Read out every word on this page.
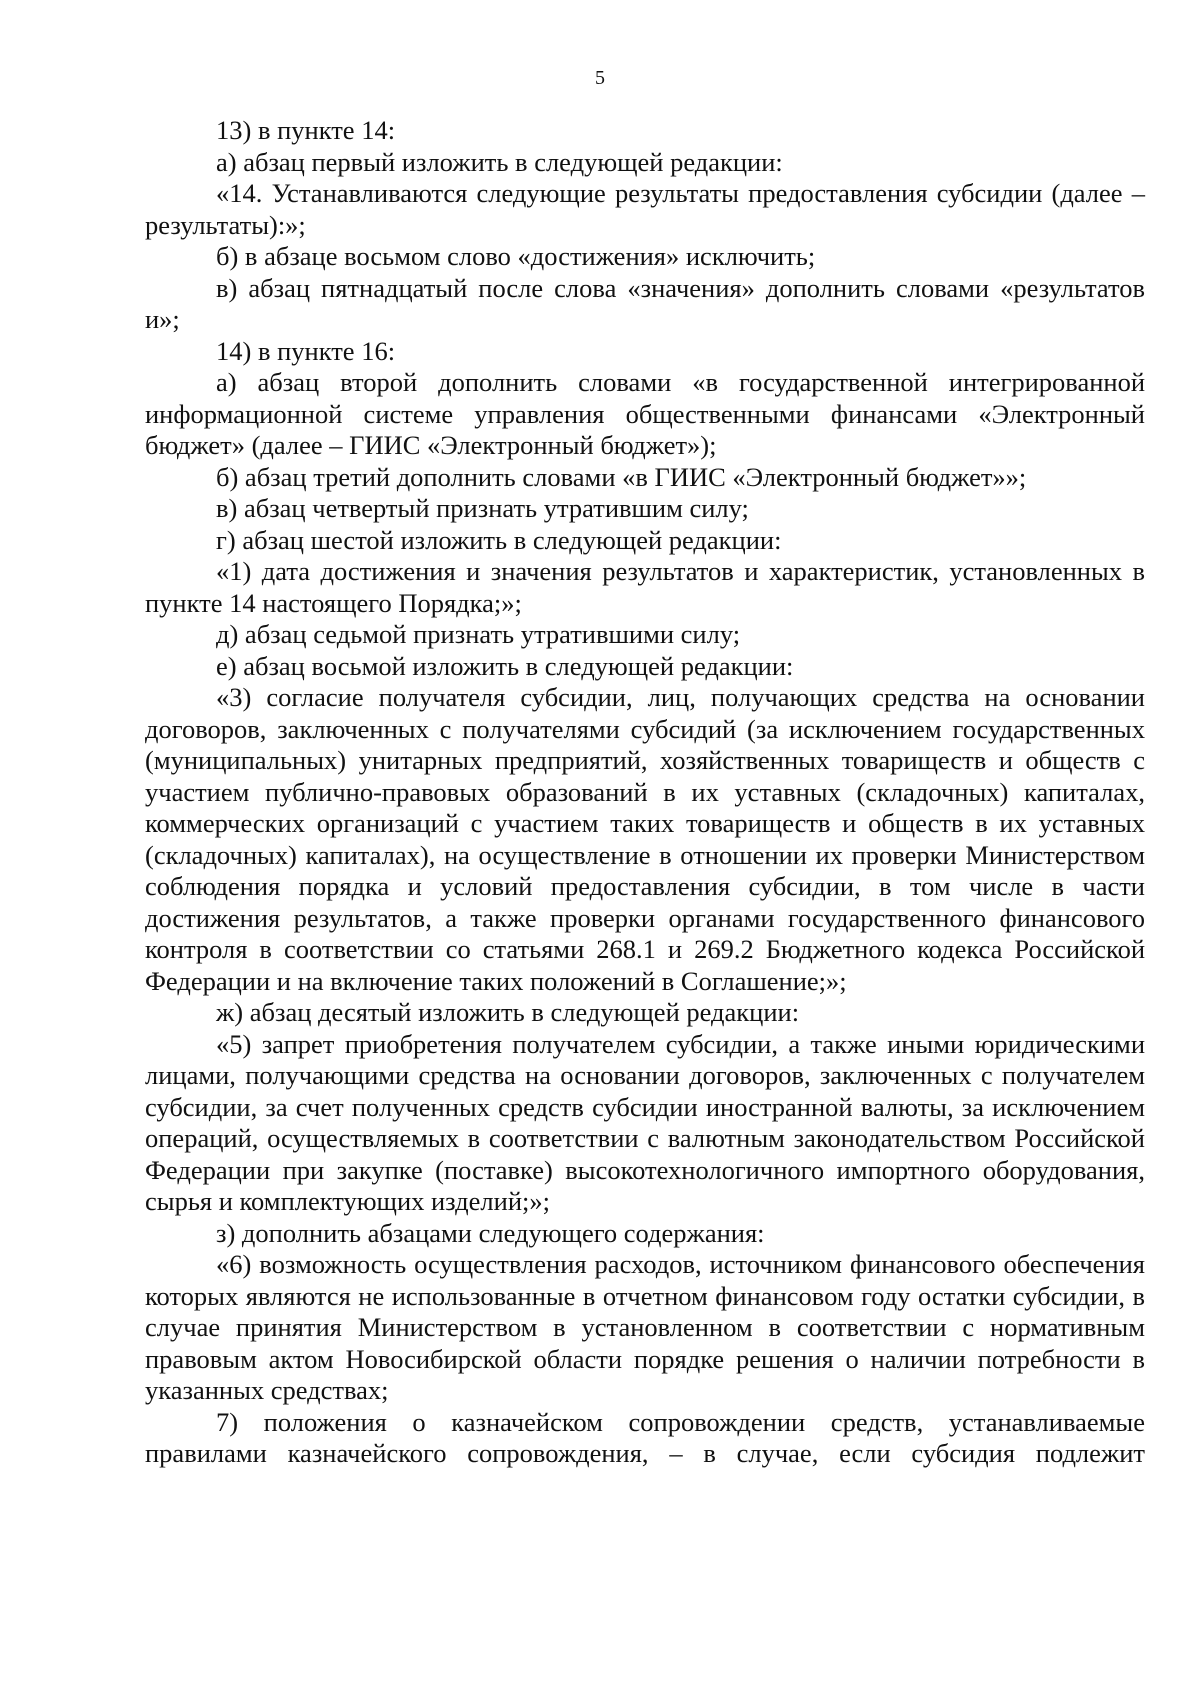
5

13) в пункте 14:

а) абзац первый изложить в следующей редакции:

«14. Устанавливаются следующие результаты предоставления субсидии (далее – результаты):»;

б) в абзаце восьмом слово «достижения» исключить;

в) абзац пятнадцатый после слова «значения» дополнить словами «результатов и»;

14) в пункте 16:

а) абзац второй дополнить словами «в государственной интегрированной информационной системе управления общественными финансами «Электронный бюджет» (далее – ГИИС «Электронный бюджет»);

б) абзац третий дополнить словами «в ГИИС «Электронный бюджет»»;

в) абзац четвертый признать утратившим силу;

г) абзац шестой изложить в следующей редакции:

«1) дата достижения и значения результатов и характеристик, установленных в пункте 14 настоящего Порядка;»;

д) абзац седьмой признать утратившими силу;

е) абзац восьмой изложить в следующей редакции:

«3) согласие получателя субсидии, лиц, получающих средства на основании договоров, заключенных с получателями субсидий (за исключением государственных (муниципальных) унитарных предприятий, хозяйственных товариществ и обществ с участием публично-правовых образований в их уставных (складочных) капиталах, коммерческих организаций с участием таких товариществ и обществ в их уставных (складочных) капиталах), на осуществление в отношении их проверки Министерством соблюдения порядка и условий предоставления субсидии, в том числе в части достижения результатов, а также проверки органами государственного финансового контроля в соответствии со статьями 268.1 и 269.2 Бюджетного кодекса Российской Федерации и на включение таких положений в Соглашение;»;

ж) абзац десятый изложить в следующей редакции:

«5) запрет приобретения получателем субсидии, а также иными юридическими лицами, получающими средства на основании договоров, заключенных с получателем субсидии, за счет полученных средств субсидии иностранной валюты, за исключением операций, осуществляемых в соответствии с валютным законодательством Российской Федерации при закупке (поставке) высокотехнологичного импортного оборудования, сырья и комплектующих изделий;»;

з) дополнить абзацами следующего содержания:

«6) возможность осуществления расходов, источником финансового обеспечения которых являются не использованные в отчетном финансовом году остатки субсидии, в случае принятия Министерством в установленном в соответствии с нормативным правовым актом Новосибирской области порядке решения о наличии потребности в указанных средствах;

7) положения о казначейском сопровождении средств, устанавливаемые правилами казначейского сопровождения, – в случае, если субсидия подлежит
